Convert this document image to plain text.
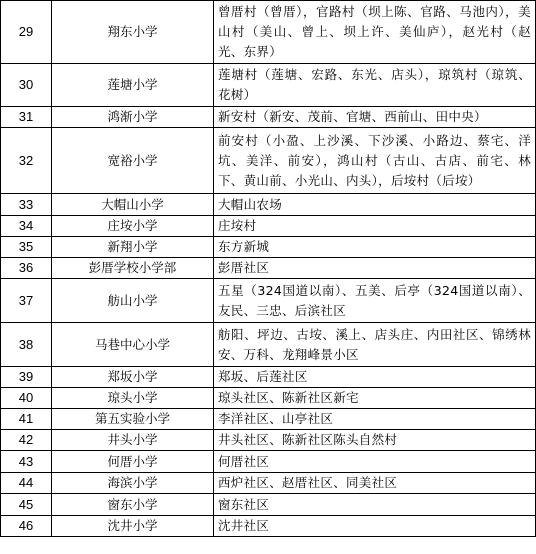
29	翔东小学	曾厝村（曾厝），官路村（坝上陈、官路、马池内），美山村（美山、曾上、坝上许、美仙庐），赵光村（赵光、东界）
30	莲塘小学	莲塘村（莲塘、宏路、东光、店头），琼筑村（琼筑、花树）
31	鸿渐小学	新安村（新安、茂前、官塘、西前山、田中央）
32	宽裕小学	前安村（小盈、上沙溪、下沙溪、小路边、蔡宅、洋坑、美洋、前安），鸿山村（古山、古店、前宅、林下、黄山前、小光山、内头），后垵村（后垵）
33	大帽山小学	大帽山农场
34	庄垵小学	庄垵村
35	新翔小学	东方新城
36	彭厝学校小学部	彭厝社区
37	舫山小学	五星（324国道以南）、五美、后亭（324国道以南）、友民、三忠、后滨社区
38	马巷中心小学	舫阳、坪边、古垵、溪上、店头庄、内田社区、锦绣林安、万科、龙翔峰景小区
39	郑坂小学	郑坂、后莲社区
40	琼头小学	琼头社区、陈新社区新宅
41	第五实验小学	李洋社区、山亭社区
42	井头小学	井头社区、陈新社区陈头自然村
43	何厝小学	何厝社区
44	海滨小学	西炉社区、赵厝社区、同美社区
45	窗东小学	窗东社区
46	沈井小学	沈井社区
